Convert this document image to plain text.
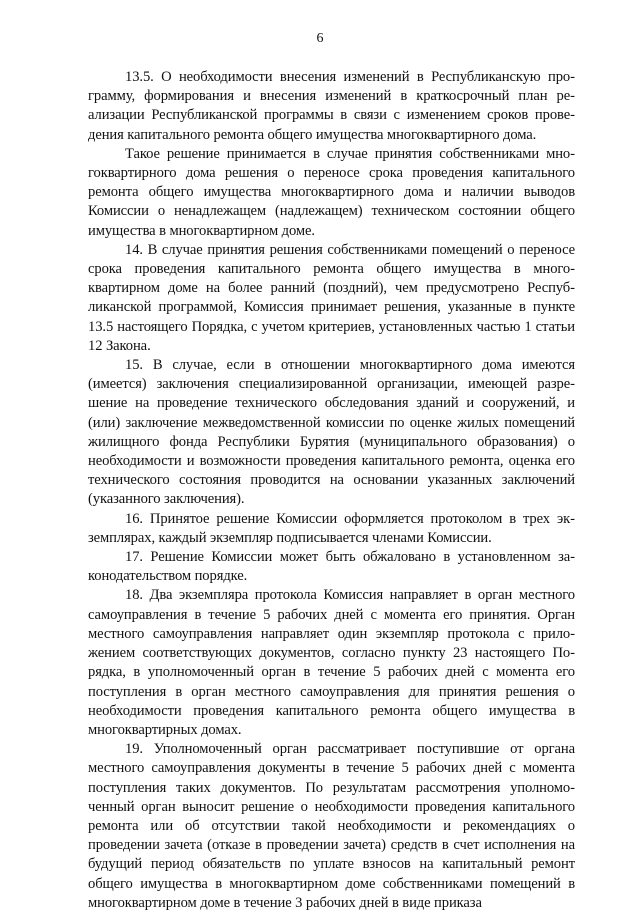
6

13.5. О необходимости внесения изменений в Республиканскую программу, формирования и внесения изменений в краткосрочный план реализации Республиканской программы в связи с изменением сроков проведения капитального ремонта общего имущества многоквартирного дома.

Такое решение принимается в случае принятия собственниками многоквартирного дома решения о переносе срока проведения капитального ремонта общего имущества многоквартирного дома и наличии выводов Комиссии о ненадлежащем (надлежащем) техническом состоянии общего имущества в многоквартирном доме.

14. В случае принятия решения собственниками помещений о переносе срока проведения капитального ремонта общего имущества в многоквартирном доме на более ранний (поздний), чем предусмотрено Республиканской программой, Комиссия принимает решения, указанные в пункте 13.5 настоящего Порядка, с учетом критериев, установленных частью 1 статьи 12 Закона.

15. В случае, если в отношении многоквартирного дома имеются (имеется) заключения специализированной организации, имеющей разрешение на проведение технического обследования зданий и сооружений, и (или) заключение межведомственной комиссии по оценке жилых помещений жилищного фонда Республики Бурятия (муниципального образования) о необходимости и возможности проведения капитального ремонта, оценка его технического состояния проводится на основании указанных заключений (указанного заключения).

16. Принятое решение Комиссии оформляется протоколом в трех экземплярах, каждый экземпляр подписывается членами Комиссии.

17. Решение Комиссии может быть обжаловано в установленном законодательством порядке.

18. Два экземпляра протокола Комиссия направляет в орган местного самоуправления в течение 5 рабочих дней с момента его принятия. Орган местного самоуправления направляет один экземпляр протокола с приложением соответствующих документов, согласно пункту 23 настоящего Порядка, в уполномоченный орган в течение 5 рабочих дней с момента его поступления в орган местного самоуправления для принятия решения о необходимости проведения капитального ремонта общего имущества в многоквартирных домах.

19. Уполномоченный орган рассматривает поступившие от органа местного самоуправления документы в течение 5 рабочих дней с момента поступления таких документов. По результатам рассмотрения уполномоченный орган выносит решение о необходимости проведения капитального ремонта или об отсутствии такой необходимости и рекомендациях о проведении зачета (отказе в проведении зачета) средств в счет исполнения на будущий период обязательств по уплате взносов на капитальный ремонт общего имущества в многоквартирном доме собственниками помещений в многоквартирном доме в течение 3 рабочих дней в виде приказа
